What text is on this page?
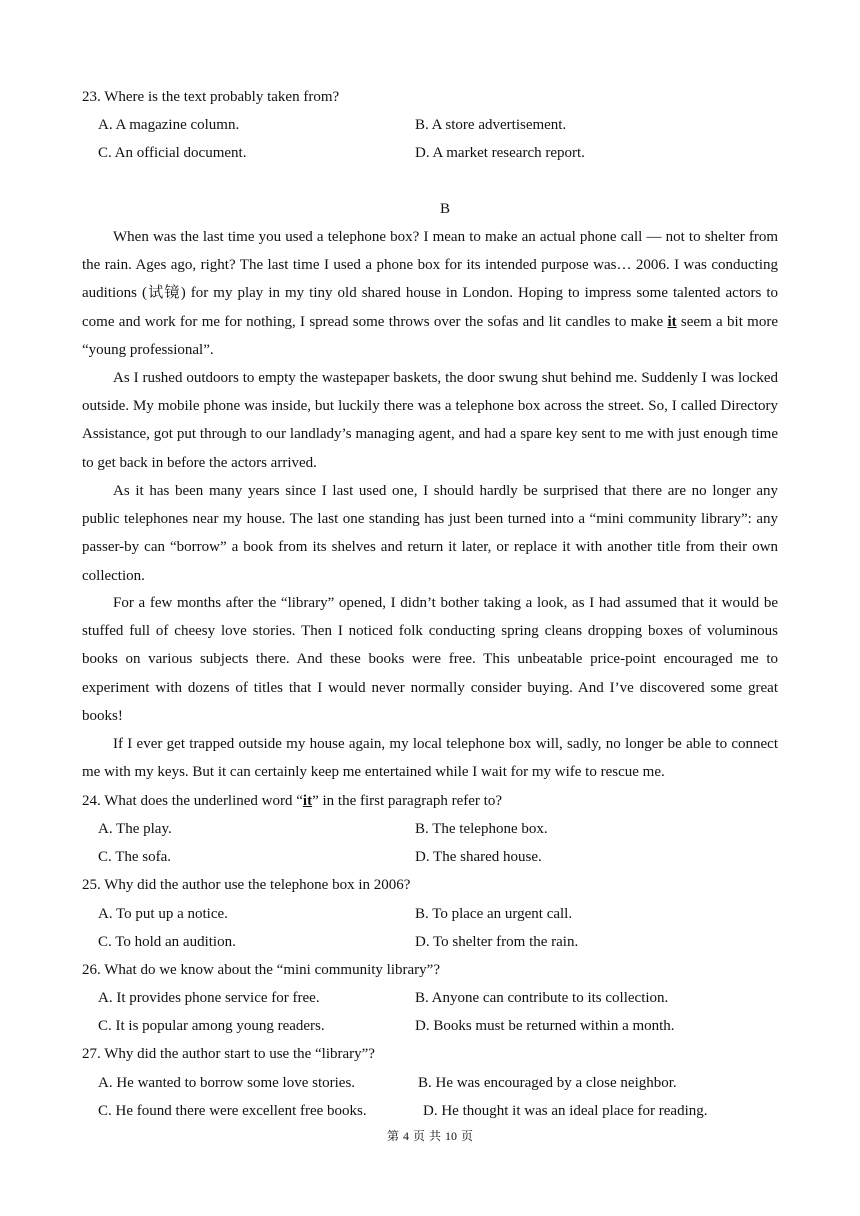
23. Where is the text probably taken from?
A. A magazine column.	B. A store advertisement.
C. An official document.	D. A market research report.
B
When was the last time you used a telephone box? I mean to make an actual phone call — not to shelter from the rain. Ages ago, right? The last time I used a phone box for its intended purpose was… 2006. I was conducting auditions (试镜) for my play in my tiny old shared house in London. Hoping to impress some talented actors to come and work for me for nothing, I spread some throws over the sofas and lit candles to make it seem a bit more “young professional”.
As I rushed outdoors to empty the wastepaper baskets, the door swung shut behind me. Suddenly I was locked outside. My mobile phone was inside, but luckily there was a telephone box across the street. So, I called Directory Assistance, got put through to our landlady’s managing agent, and had a spare key sent to me with just enough time to get back in before the actors arrived.
As it has been many years since I last used one, I should hardly be surprised that there are no longer any public telephones near my house. The last one standing has just been turned into a “mini community library”: any passer-by can “borrow” a book from its shelves and return it later, or replace it with another title from their own collection.
For a few months after the “library” opened, I didn’t bother taking a look, as I had assumed that it would be stuffed full of cheesy love stories. Then I noticed folk conducting spring cleans dropping boxes of voluminous books on various subjects there. And these books were free. This unbeatable price-point encouraged me to experiment with dozens of titles that I would never normally consider buying. And I’ve discovered some great books!
If I ever get trapped outside my house again, my local telephone box will, sadly, no longer be able to connect me with my keys. But it can certainly keep me entertained while I wait for my wife to rescue me.
24. What does the underlined word “it” in the first paragraph refer to?
A. The play.	B. The telephone box.
C. The sofa.	D. The shared house.
25. Why did the author use the telephone box in 2006?
A. To put up a notice.	B. To place an urgent call.
C. To hold an audition.	D. To shelter from the rain.
26. What do we know about the “mini community library”?
A. It provides phone service for free.	B. Anyone can contribute to its collection.
C. It is popular among young readers.	D. Books must be returned within a month.
27. Why did the author start to use the “library”?
A. He wanted to borrow some love stories.	B. He was encouraged by a close neighbor.
C. He found there were excellent free books.	D. He thought it was an ideal place for reading.
第 4 页 共 10 页
